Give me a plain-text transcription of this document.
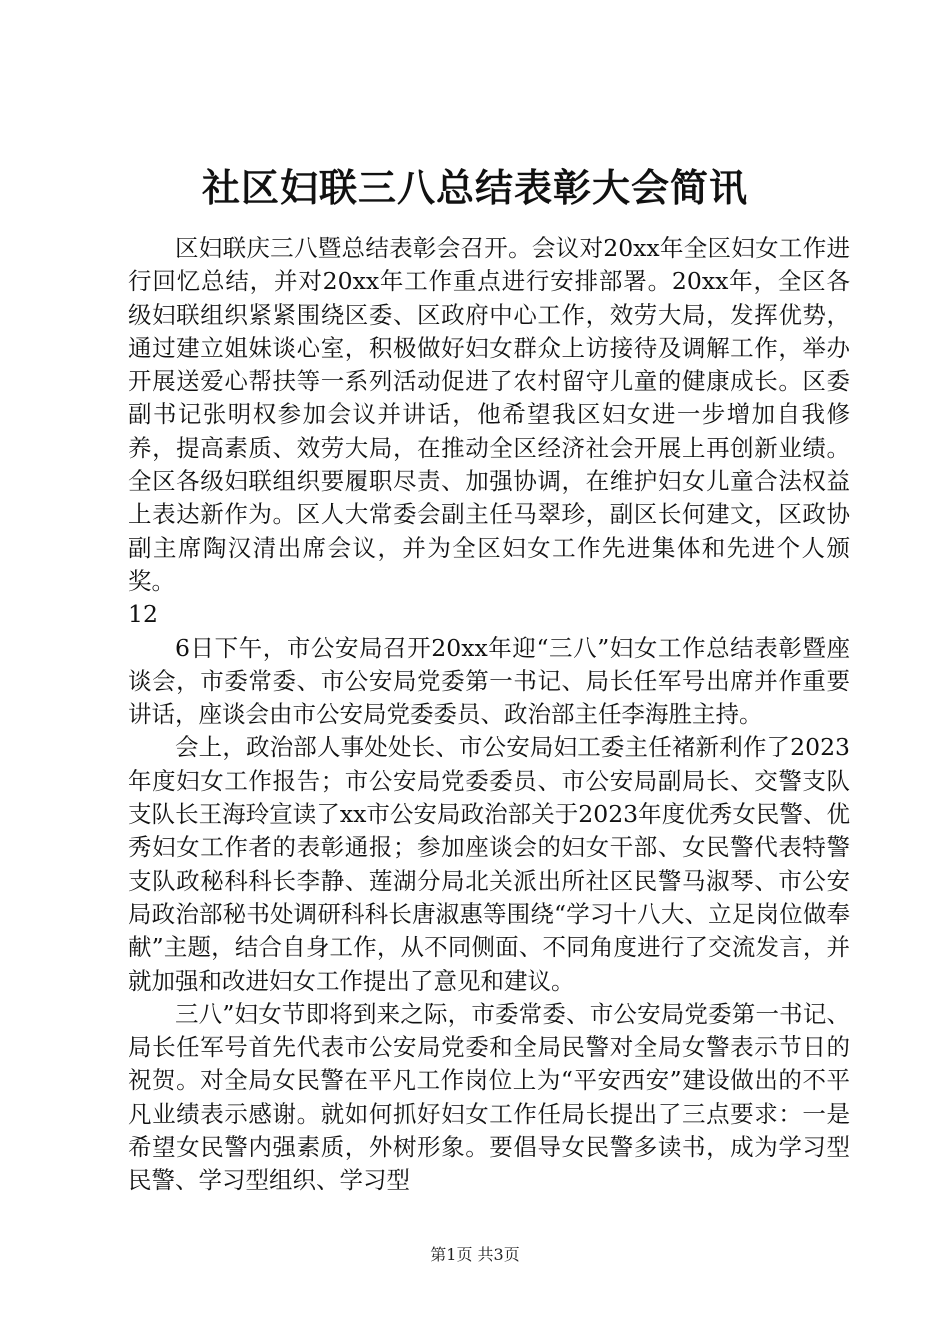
社区妇联三八总结表彰大会简讯

区妇联庆三八暨总结表彰会召开。会议对20xx年全区妇女工作进行回忆总结，并对20xx年工作重点进行安排部署。20xx年，全区各级妇联组织紧紧围绕区委、区政府中心工作，效劳大局，发挥优势，通过建立姐妹谈心室，积极做好妇女群众上访接待及调解工作，举办开展送爱心帮扶等一系列活动促进了农村留守儿童的健康成长。区委副书记张明权参加会议并讲话，他希望我区妇女进一步增加自我修养，提高素质、效劳大局，在推动全区经济社会开展上再创新业绩。全区各级妇联组织要履职尽责、加强协调，在维护妇女儿童合法权益上表达新作为。区人大常委会副主任马翠珍，副区长何建文，区政协副主席陶汉清出席会议，并为全区妇女工作先进集体和先进个人颁奖。

12

6日下午，市公安局召开20xx年迎“三八”妇女工作总结表彰暨座谈会，市委常委、市公安局党委第一书记、局长任军号出席并作重要讲话，座谈会由市公安局党委委员、政治部主任李海胜主持。

会上，政治部人事处处长、市公安局妇工委主任褚新利作了2023年度妇女工作报告；市公安局党委委员、市公安局副局长、交警支队支队长王海玲宣读了xx市公安局政治部关于2023年度优秀女民警、优秀妇女工作者的表彰通报；参加座谈会的妇女干部、女民警代表特警支队政秘科科长李静、莲湖分局北关派出所社区民警马淑琴、市公安局政治部秘书处调研科科长唐淑惠等围绕“学习十八大、立足岗位做奉献”主题，结合自身工作，从不同侧面、不同角度进行了交流发言，并就加强和改进妇女工作提出了意见和建议。

三八”妇女节即将到来之际，市委常委、市公安局党委第一书记、局长任军号首先代表市公安局党委和全局民警对全局女警表示节日的祝贺。对全局女民警在平凡工作岗位上为“平安西安”建设做出的不平凡业绩表示感谢。就如何抓好妇女工作任局长提出了三点要求：一是希望女民警内强素质，外树形象。要倡导女民警多读书，成为学习型民警、学习型组织、学习型

第1页 共3页
